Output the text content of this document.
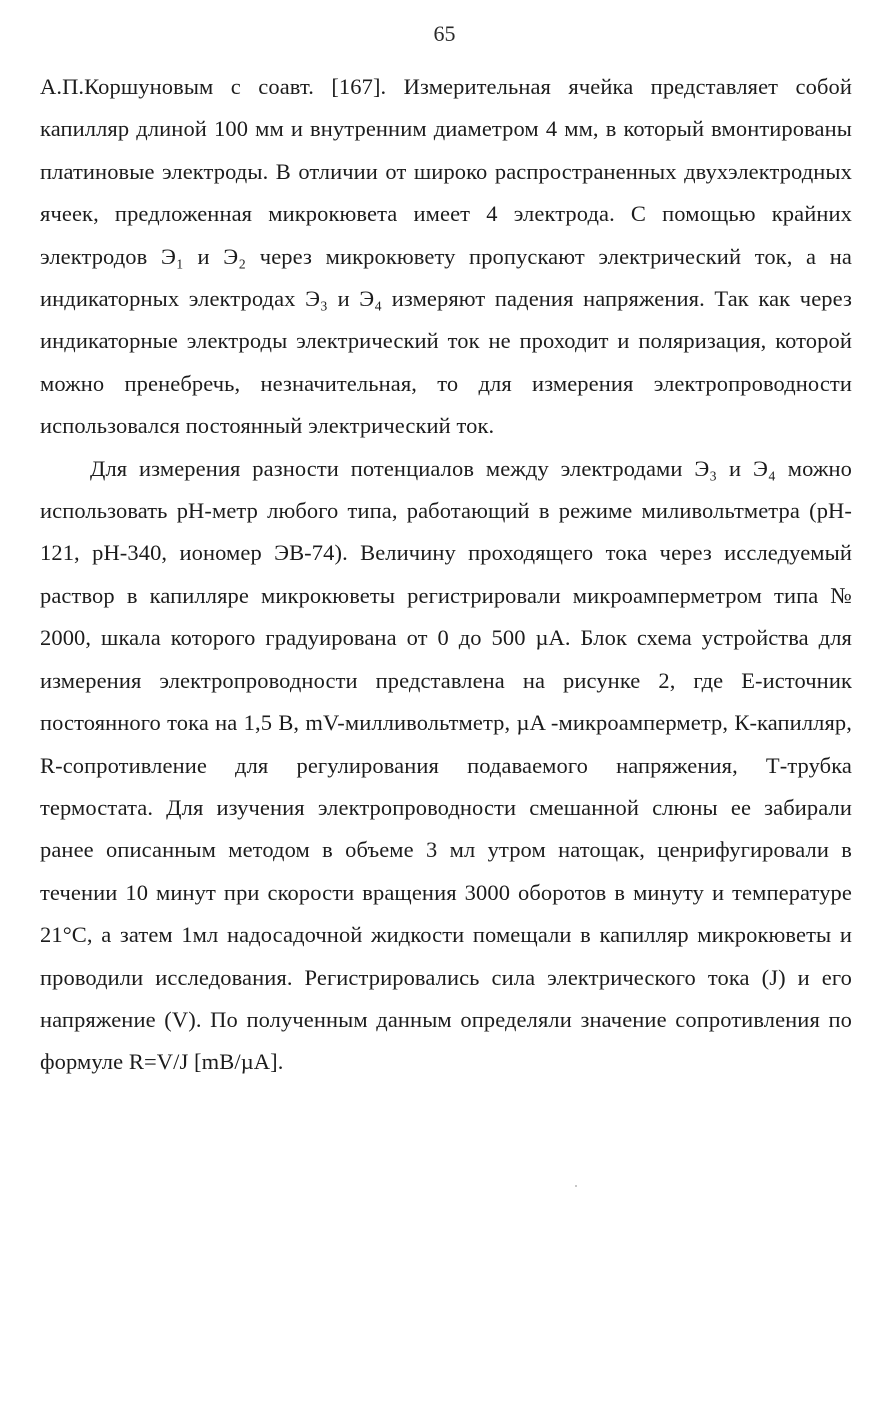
65

А.П.Коршуновым с соавт. [167]. Измерительная ячейка представляет собой капилляр длиной 100 мм и внутренним диаметром 4 мм, в который вмонтированы платиновые электроды. В отличии от широко распространенных двухэлектродных ячеек, предложенная микрокювета имеет 4 электрода. С помощью крайних электродов Э₁ и Э₂ через микрокювету пропускают электрический ток, а на индикаторных электродах Э₃ и Э₄ измеряют падения напряжения. Так как через индикаторные электроды электрический ток не проходит и поляризация, которой можно пренебречь, незначительная, то для измерения электропроводности использовался постоянный электрический ток.

Для измерения разности потенциалов между электродами Э₃ и Э₄ можно использовать pH-метр любого типа, работающий в режиме миливольтметра (pH-121, pH-340, иономер ЭВ-74). Величину проходящего тока через исследуемый раствор в капилляре микрокюветы регистрировали микроамперметром типа № 2000, шкала которого градуирована от 0 до 500 µA. Блок схема устройства для измерения электропроводности представлена на рисунке 2, где Е-источник постоянного тока на 1,5 В, mV-милливольтметр, µA -микроамперметр, К-капилляр, R-сопротивление для регулирования подаваемого напряжения, Т-трубка термостата. Для изучения электропроводности смешанной слюны ее забирали ранее описанным методом в объеме 3 мл утром натощак, ценрифугировали в течении 10 минут при скорости вращения 3000 оборотов в минуту и температуре 21°С, а затем 1мл надосадочной жидкости помещали в капилляр микрокюветы и проводили исследования. Регистрировались сила электрического тока (J) и его напряжение (V). По полученным данным определяли значение сопротивления по формуле R=V/J [mB/µA].
